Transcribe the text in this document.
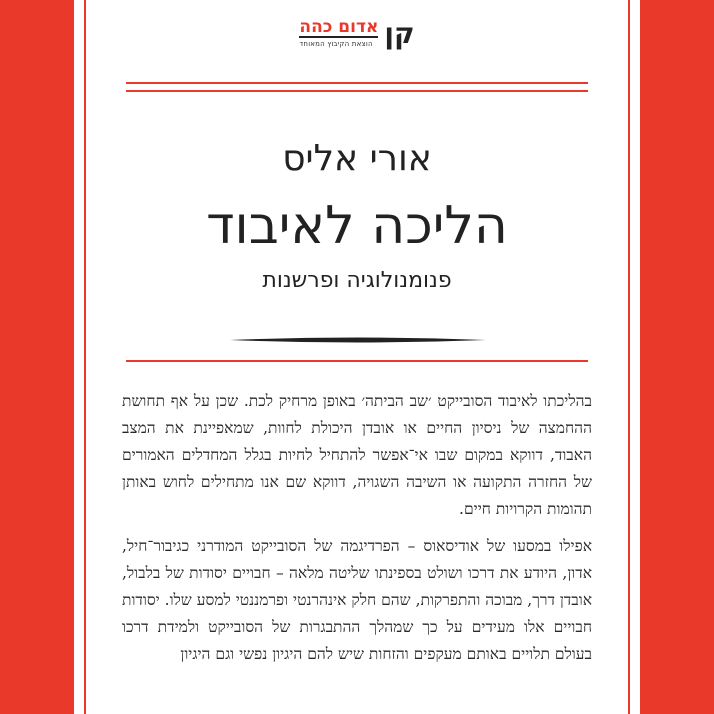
קן
אדום כהה
הוצאת הקיבוץ המאוחד
אורי אליס
הליכה לאיבוד
פנומנולוגיה ופרשנות

בהליכתו לאיבוד הסובייקט ׳שב הביתה׳ באופן מרחיק לכת. שכן על אף תחושת ההחמצה של ניסיון החיים או אובדן היכולת לחוות, שמאפיינת את המצב האבוד, דווקא במקום שבו אי־אפשר להתחיל לחיות בגלל המחדלים האמורים של החזרה התקועה או השיבה השגויה, דווקא שם אנו מתחילים לחוש באותן תהומות הקרויות חיים.

אפילו במסעו של אודיסאוס – הפרדיגמה של הסובייקט המודרני כגיבור־חיל, אדון, היודע את דרכו ושולט בספינתו שליטה מלאה – חבויים יסודות של בלבול, אובדן דרך, מבוכה והתפרקות, שהם חלק אינהרנטי ופרמננטי למסע שלו. יסודות חבויים אלו מעידים על כך שמהלך ההתבגרות של הסובייקט ולמידת דרכו בעולם תלויים באותם מעקפים והזחות שיש להם היגיון נפשי וגם היגיון
